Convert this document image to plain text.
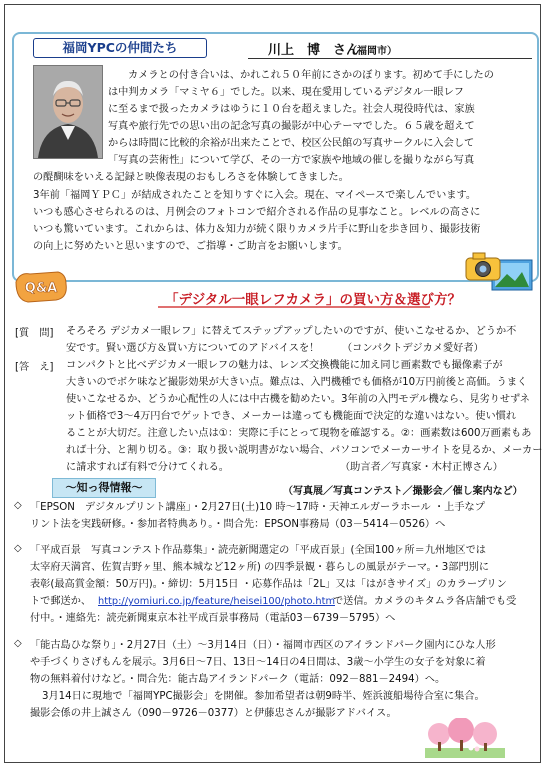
福岡YPCの仲間たち	川上　博　さん
（福岡市）
カメラとの付き合いは、かれこれ５０年前にさかのぼります。初めて手にしたの
は中判カメラ「マミヤ６」でした。以来、現在愛用しているデジタル一眼レフ
に至るまで扱ったカメラはゆうに１０台を超えました。社会人現役時代は、家族
写真や旅行先での思い出の記念写真の撮影が中心テーマでした。６５歳を超えて
からは時間に比較的余裕が出来たことで、校区公民館の写真サークルに入会して
「写真の芸術性」について学び、その一方で家族や地域の催しを撮りながら写真
の醍醐味をいえる記録と映像表現のおもしろさを体験してきました。
3年前「福岡ＹＰＣ」が結成されたことを知りすぐに入会。現在、マイペースで楽しんでいます。
いつも感心させられるのは、月例会のフォトコンで紹介される作品の見事なこと。レベルの高さに
いつも驚いています。これからは、体力＆知力が続く限りカメラ片手に野山を歩き回り、撮影技術
の向上に努めたいと思いますので、ご指導・ご助言をお願いします。
Q&A
「デジタル一眼レフカメラ」の買い方＆選び方？
[質　問] そろそろ デジカメ一眼レフ」に替えてステップアップしたいのですが、使いこなせるか、どうか不
安です。賢い選び方＆買い方についてのアドバイスを！ （コンパクトデジカメ愛好者）
[答　え] コンパクトと比べデジカメ一眼レフの魅力は、レンズ交換機能に加え同じ画素数でも撮像素子が
大きいのでボケ味など撮影効果が大きい点。難点は、入門機種でも価格が10万円前後と高価。うまく
使いこなせるか、どうか心配性の人には中古機を勧めたい。3年前の入門モデル機なら、見劣りせずネ
ット価格で3～4万円台でゲットでき、メーカーは違っても機能面で決定的な違いはない。使い慣れ
ることが大切だ。注意したい点は①：実際に手にとって現物を確認する。②：画素数は600万画素もあ
れば十分、と割り切る。③：取り扱い説明書がない場合、パソコンでメーカーサイトを見るか、メーカー
に請求すれば有料で分けてくれる。	（助言者／写真家・木村正博さん）
～知っ得情報～	（写真展／写真コンテスト／撮影会／催し案内など）
◇ 「EPSON　デジタルプリント講座」・2月27日(土)10 時～17時・天神エルガーラホール ・上手なプ
リント法を実践研修。・参加者特典あり。・問合先：EPSON事務局（03－5414－0526）へ
◇ 「平成百景　写真コンテスト作品募集」・読売新聞選定の「平成百景」(全国100ヶ所＝九州地区では
太宰府天満宮、佐賀吉野ヶ里、熊本城など12ヶ所) の四季景観・暮らしの風景がテーマ。・3部門別に
表彰(最高賞金額：50万円)。・締切：5月15日 ・応募作品は「2L」又は「はがきサイズ」のカラープリン
トで郵送か、 http://yomiuri.co.jp/feature/heisei100/photo.htm
で送信。カメラのキタムラ各店舗でも受
付中。・連絡先：読売新聞東京本社平成百景事務局（電話03－6739－5795）へ
◇ 「能古島ひな祭り」・2月27日（土）～3月14日（日）・福岡市西区のアイランドパーク園内にひな人形
や手づくりさげもんを展示。3月6日～7日、13日～14日の4日間は、3歳～小学生の女子を対象に着
物の無料着付けなど。・問合先：能古島アイランドパーク（電話：092－881－2494）へ。
3月14日に現地で「福岡YPC撮影会」を開催。参加希望者は朝9時半、姪浜渡船場待合室に集合。
撮影会係の井上誠さん（090－9726－0377）と伊藤忠さんが撮影アドバイス。
